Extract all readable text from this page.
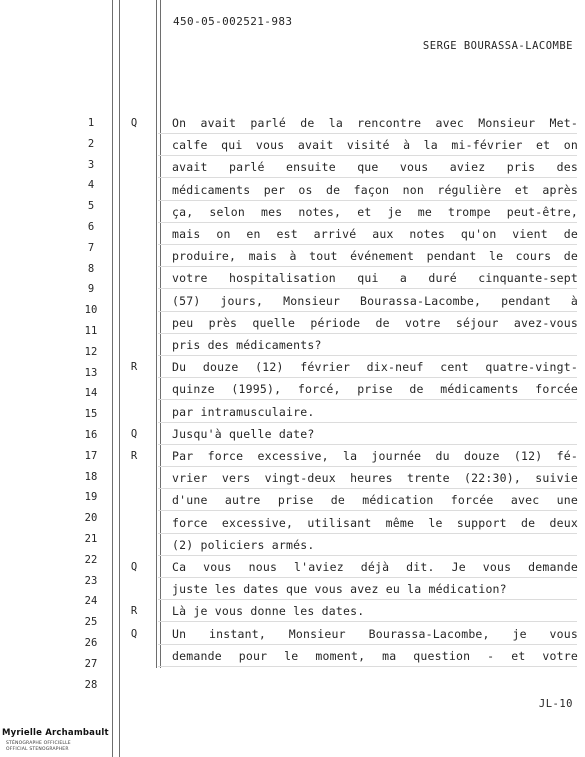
450-05-002521-983
SERGE BOURASSA-LACOMBE
1
2
3
4
5
6
7
8
9
10
11
12
13
14
15
16
17
18
19
20
21
22
23
24
25
26
27
28
Q	On avait parlé de la rencontre avec Monsieur Met-
calfe qui vous avait visité à la mi-février et on
avait parlé ensuite que vous aviez pris des
médicaments per os de façon non régulière et après
ça, selon mes notes, et je me trompe peut-être,
mais on en est arrivé aux notes qu'on vient de
produire, mais à tout événement pendant le cours de
votre hospitalisation qui a duré cinquante-sept
(57) jours, Monsieur Bourassa-Lacombe, pendant à
peu près quelle période de votre séjour avez-vous
pris des médicaments?
R	Du douze (12) février dix-neuf cent quatre-vingt-
quinze (1995), forcé, prise de médicaments forcée
par intramusculaire.
Q	Jusqu'à quelle date?
R	Par force excessive, la journée du douze (12) fé-
vrier vers vingt-deux heures trente (22:30), suivie
d'une autre prise de médication forcée avec une
force excessive, utilisant même le support de deux
(2) policiers armés.
Q	Ca vous nous l'aviez déjà dit. Je vous demande
juste les dates que vous avez eu la médication?
R	Là je vous donne les dates.
Q	Un instant, Monsieur Bourassa-Lacombe, je vous
demande pour le moment, ma question - et votre
JL-10
Myrielle Archambault
STÉNOGRAPHE OFFICIELLE
OFFICIAL STENOGRAPHER
